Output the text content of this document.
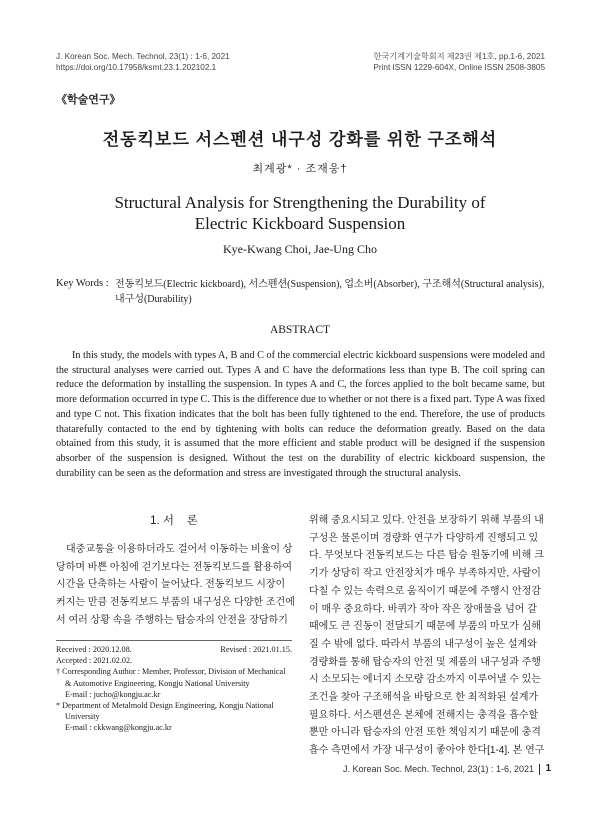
J. Korean Soc. Mech. Technol, 23(1) : 1-6, 2021
https://doi.org/10.17958/ksmt.23.1.202102.1
한국기계기술학회지 제23권 제1호, pp.1-6, 2021
Print ISSN 1229-604X, Online ISSN 2508-3805
《학술연구》
전동킥보드 서스펜션 내구성 강화를 위한 구조해석
최계광* · 조재웅†
Structural Analysis for Strengthening the Durability of
Electric Kickboard Suspension
Kye-Kwang Choi, Jae-Ung Cho
Key Words : 전동킥보드(Electric kickboard), 서스펜션(Suspension), 업소버(Absorber), 구조해석(Structural analysis),
내구성(Durability)
ABSTRACT
In this study, the models with types A, B and C of the commercial electric kickboard suspensions were modeled and the structural analyses were carried out. Types A and C have the deformations less than type B. The coil spring can reduce the deformation by installing the suspension. In types A and C, the forces applied to the bolt became same, but more deformation occurred in type C. This is the difference due to whether or not there is a fixed part. Type A was fixed and type C not. This fixation indicates that the bolt has been fully tightened to the end. Therefore, the use of products thatarefully contacted to the end by tightening with bolts can reduce the deformation greatly. Based on the data obtained from this study, it is assumed that the more efficient and stable product will be designed if the suspension absorber of the suspension is designed. Without the test on the durability of electric kickboard suspension, the durability can be seen as the deformation and stress are investigated through the structural analysis.
1. 서    론
대중교통을 이용하더라도 걸어서 이동하는 비율이 상
당하며 바쁜 아침에 걷기보다는 전동킥보드를 활용하여
시간을 단축하는 사람이 늘어났다. 전동킥보드 시장이
커지는 만큼 전동킥보드 부품의 내구성은 다양한 조건에
서 여러 상황 속을 주행하는 탑승자의 안전을 장담하기
Received : 2020.12.08.	Revised : 2021.01.15.
Accepted : 2021.02.02.
† Corresponding Author : Member, Professor, Division of Mechanical
& Automotive Engineering, Kongju National University
E-mail : jucho@kongju.ac.kr
* Department of Metalmold Design Engineering, Kongju National
University
E-mail : ckkwang@kongju.ac.kr
위해 중요시되고 있다. 안전을 보장하기 위해 부품의 내
구성은 물론이며 경량화 연구가 다양하게 진행되고 있
다. 무엇보다 전동킥보드는 다른 탑승 원동기에 비해 크
기가 상당히 작고 안전장치가 매우 부족하지만, 사람이
다칠 수 있는 속력으로 움직이기 때문에 주행시 안정감
이 매우 중요하다. 바퀴가 작아 작은 장애물을 넘어 갈
때에도 큰 진동이 전달되기 때문에 부품의 마모가 심해
질 수 밖에 없다. 따라서 부품의 내구성이 높은 설계와
경량화를 통해 탑승자의 안전 및 제품의 내구성과 주행
시 소모되는 에너지 소모량 감소까지 이루어낼 수 있는
조건을 찾아 구조해석을 바탕으로 한 최적화된 설계가
필요하다. 서스펜션은 본체에 전해지는 충격을 흡수할
뿐만 아니라 탑승자의 안전 또한 책임지기 때문에 충격
흡수 측면에서 가장 내구성이 좋아야 한다[1-4]. 본 연구
J. Korean Soc. Mech. Technol, 23(1) : 1-6, 2021 1
